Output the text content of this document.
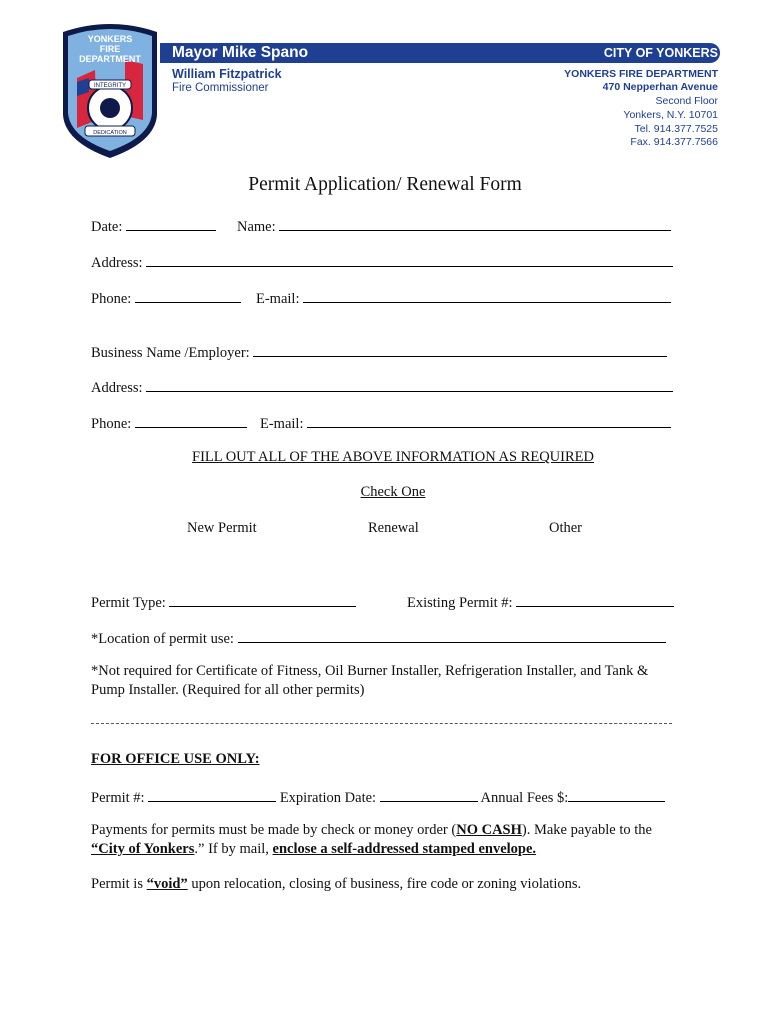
INTEGRITY
DEDICATION
YONKERS
FIRE
DEPARTMENT Mayor Mike Spano	CITY OF YONKERS
William Fitzpatrick
Fire Commissioner
YONKERS FIRE DEPARTMENT
470 Nepperhan Avenue
Second Floor
Yonkers, N.Y. 10701
Tel. 914.377.7525
Fax. 914.377.7566
Permit Application/ Renewal Form
Date:	Name:
Address:
Phone:	E-mail:
Business Name /Employer:
Address:
Phone:	E-mail:
FILL OUT ALL OF THE ABOVE INFORMATION AS REQUIRED
Check One
New Permit	Renewal	Other
Permit Type:	Existing Permit #:
*Location of permit use:
*Not required for Certificate of Fitness, Oil Burner Installer, Refrigeration Installer, and Tank &
Pump Installer. (Required for all other permits)
FOR OFFICE USE ONLY:
Permit #:	Expiration Date:	Annual Fees $:
Payments for permits must be made by check or money order (NO CASH). Make payable to the
“City of Yonkers.” If by mail, enclose a self-addressed stamped envelope.
Permit is “void” upon relocation, closing of business, fire code or zoning violations.
